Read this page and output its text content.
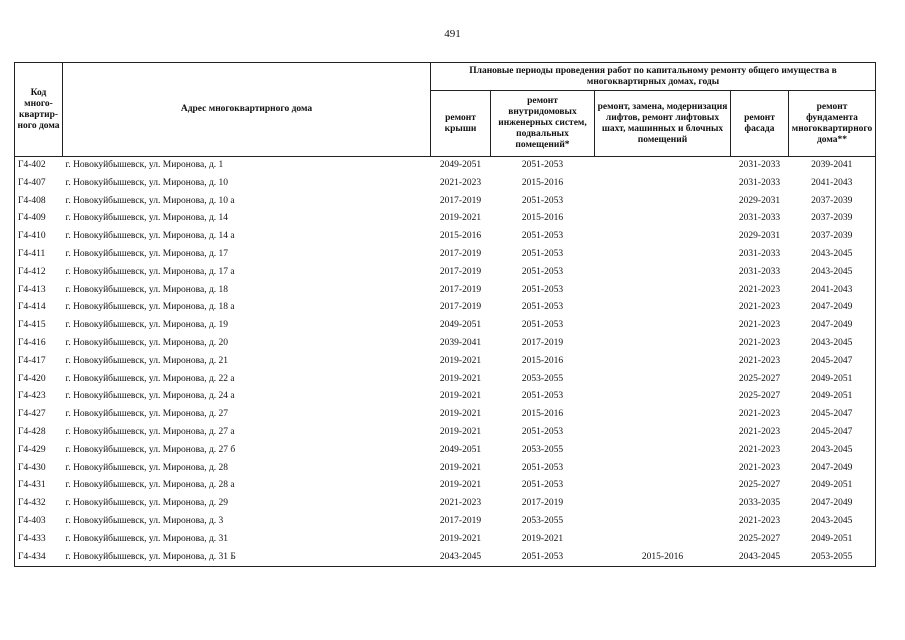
491
Код много-квартир-ного дома	Адрес многоквартирного дома	Плановые периоды проведения работ по капитальному ремонту общего имущества в многоквартирных домах, годы				
		ремонт крыши	ремонт внутридомовых инженерных систем, подвальных помещений*	ремонт, замена, модернизация лифтов, ремонт лифтовых шахт, машинных и блочных помещений	ремонт фасада	ремонт фундамента многоквартирного дома**
Г4-402	г. Новокуйбышевск, ул. Миронова, д. 1	2049-2051	2051-2053		2031-2033	2039-2041
Г4-407	г. Новокуйбышевск, ул. Миронова, д. 10	2021-2023	2015-2016		2031-2033	2041-2043
Г4-408	г. Новокуйбышевск, ул. Миронова, д. 10 а	2017-2019	2051-2053		2029-2031	2037-2039
Г4-409	г. Новокуйбышевск, ул. Миронова, д. 14	2019-2021	2015-2016		2031-2033	2037-2039
Г4-410	г. Новокуйбышевск, ул. Миронова, д. 14 а	2015-2016	2051-2053		2029-2031	2037-2039
Г4-411	г. Новокуйбышевск, ул. Миронова, д. 17	2017-2019	2051-2053		2031-2033	2043-2045
Г4-412	г. Новокуйбышевск, ул. Миронова, д. 17 а	2017-2019	2051-2053		2031-2033	2043-2045
Г4-413	г. Новокуйбышевск, ул. Миронова, д. 18	2017-2019	2051-2053		2021-2023	2041-2043
Г4-414	г. Новокуйбышевск, ул. Миронова, д. 18 а	2017-2019	2051-2053		2021-2023	2047-2049
Г4-415	г. Новокуйбышевск, ул. Миронова, д. 19	2049-2051	2051-2053		2021-2023	2047-2049
Г4-416	г. Новокуйбышевск, ул. Миронова, д. 20	2039-2041	2017-2019		2021-2023	2043-2045
Г4-417	г. Новокуйбышевск, ул. Миронова, д. 21	2019-2021	2015-2016		2021-2023	2045-2047
Г4-420	г. Новокуйбышевск, ул. Миронова, д. 22 а	2019-2021	2053-2055		2025-2027	2049-2051
Г4-423	г. Новокуйбышевск, ул. Миронова, д. 24 а	2019-2021	2051-2053		2025-2027	2049-2051
Г4-427	г. Новокуйбышевск, ул. Миронова, д. 27	2019-2021	2015-2016		2021-2023	2045-2047
Г4-428	г. Новокуйбышевск, ул. Миронова, д. 27 а	2019-2021	2051-2053		2021-2023	2045-2047
Г4-429	г. Новокуйбышевск, ул. Миронова, д. 27 б	2049-2051	2053-2055		2021-2023	2043-2045
Г4-430	г. Новокуйбышевск, ул. Миронова, д. 28	2019-2021	2051-2053		2021-2023	2047-2049
Г4-431	г. Новокуйбышевск, ул. Миронова, д. 28 а	2019-2021	2051-2053		2025-2027	2049-2051
Г4-432	г. Новокуйбышевск, ул. Миронова, д. 29	2021-2023	2017-2019		2033-2035	2047-2049
Г4-403	г. Новокуйбышевск, ул. Миронова, д. 3	2017-2019	2053-2055		2021-2023	2043-2045
Г4-433	г. Новокуйбышевск, ул. Миронова, д. 31	2019-2021	2019-2021		2025-2027	2049-2051
Г4-434	г. Новокуйбышевск, ул. Миронова, д. 31 Б	2043-2045	2051-2053	2015-2016	2043-2045	2053-2055
